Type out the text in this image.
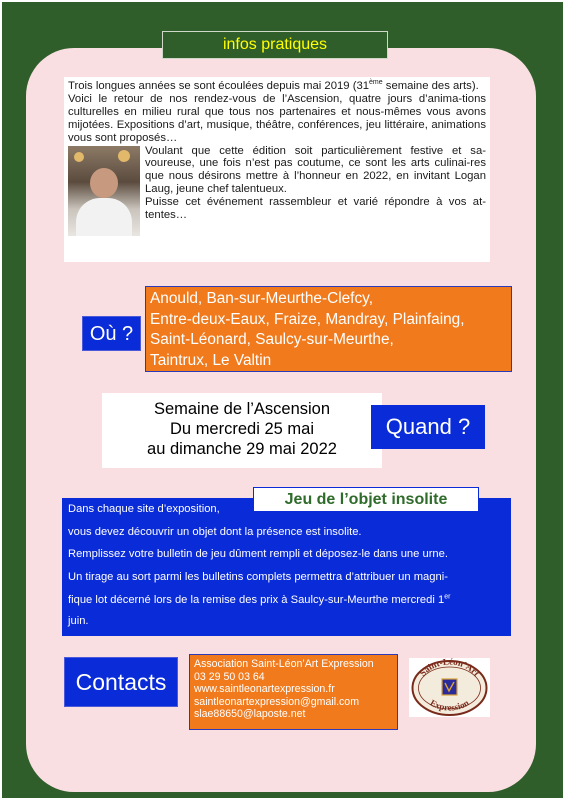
infos pratiques

Trois longues années se sont écoulées depuis mai 2019 (31ème semaine des arts).

Voici le retour de nos rendez-vous de l’Ascension, quatre jours d’anima-tions culturelles en milieu rural que tous nos partenaires et nous-mêmes vous avons mijotées. Expositions d’art, musique, théâtre, conférences, jeu littéraire, animations vous sont proposés…

Voulant que cette édition soit particulièrement festive et sa-voureuse, une fois n’est pas coutume, ce sont les arts culinai-res que nous désirons mettre à l’honneur en 2022, en invitant Logan Laug, jeune chef talentueux.

Puisse cet événement rassembleur et varié répondre à vos at-tentes…

Où ?
Anould, Ban-sur-Meurthe-Clefcy,
Entre-deux-Eaux, Fraize, Mandray, Plainfaing,
Saint-Léonard, Saulcy-sur-Meurthe,
Taintrux, Le Valtin
Semaine de l’Ascension
Du mercredi 25 mai
au dimanche 29 mai 2022
Quand ?
Dans chaque site d’exposition,
vous devez découvrir un objet dont la présence est insolite.
Remplissez votre bulletin de jeu dûment rempli et déposez-le dans une urne.
Un tirage au sort parmi les bulletins complets permettra d’attribuer un magni-
fique lot décerné lors de la remise des prix à Saulcy-sur-Meurthe mercredi 1er
juin.
Jeu de l’objet insolite
Contacts
Association Saint-Léon’Art Expression
03 29 50 03 64
www.saintleonartexpression.fr
saintleonartexpression@gmail.com
slae88650@laposte.net
Saint-Léon’Art
Expression
